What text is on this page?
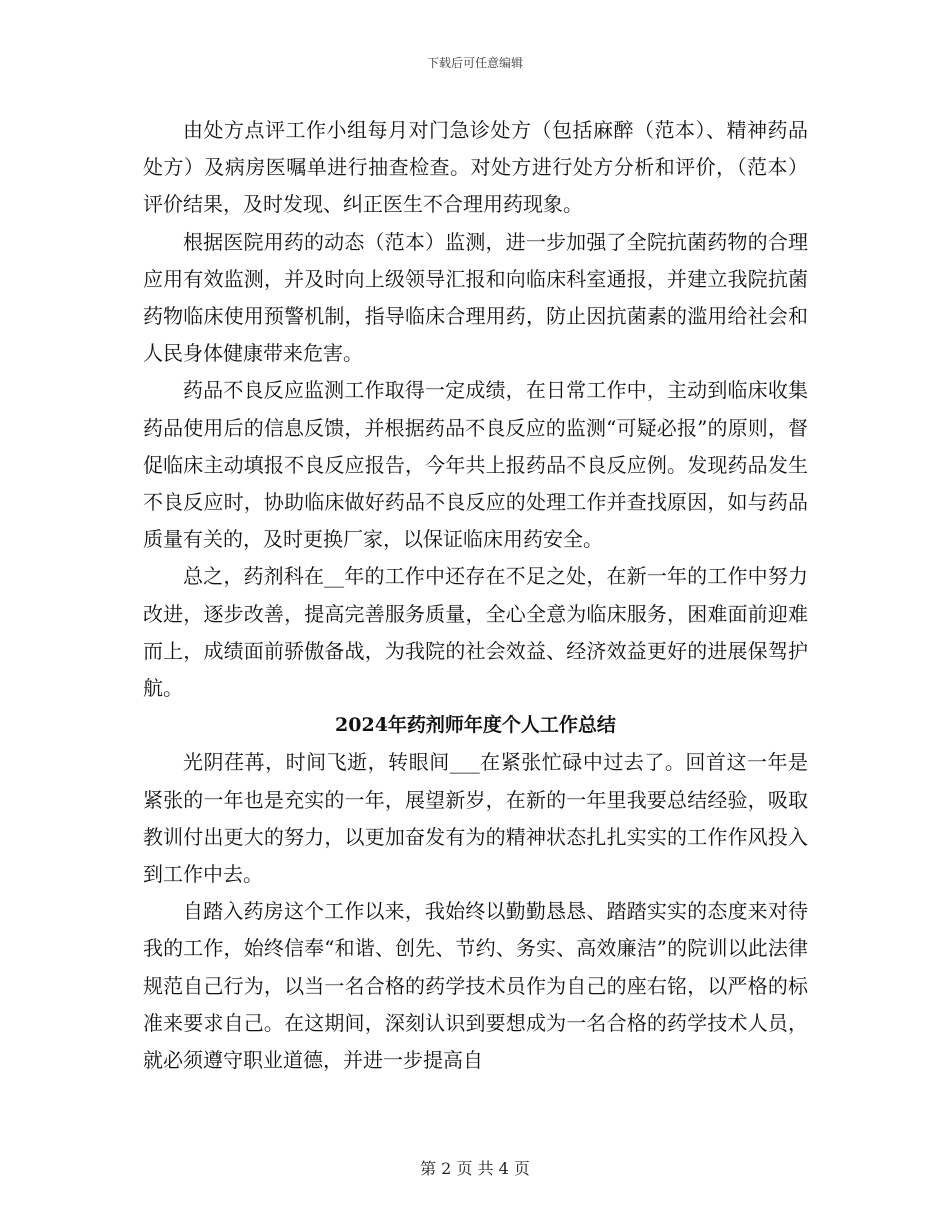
下载后可任意编辑

由处方点评工作小组每月对门急诊处方（包括麻醉（范本）、精神药品处方）及病房医嘱单进行抽查检查。对处方进行处方分析和评价，（范本）评价结果，及时发现、纠正医生不合理用药现象。

根据医院用药的动态（范本）监测，进一步加强了全院抗菌药物的合理应用有效监测，并及时向上级领导汇报和向临床科室通报，并建立我院抗菌药物临床使用预警机制，指导临床合理用药，防止因抗菌素的滥用给社会和人民身体健康带来危害。

药品不良反应监测工作取得一定成绩，在日常工作中，主动到临床收集药品使用后的信息反馈，并根据药品不良反应的监测“可疑必报”的原则，督促临床主动填报不良反应报告，今年共上报药品不良反应例。发现药品发生不良反应时，协助临床做好药品不良反应的处理工作并查找原因，如与药品质量有关的，及时更换厂家，以保证临床用药安全。

总之，药剂科在__年的工作中还存在不足之处，在新一年的工作中努力改进，逐步改善，提高完善服务质量，全心全意为临床服务，困难面前迎难而上，成绩面前骄傲备战，为我院的社会效益、经济效益更好的进展保驾护航。

2024年药剂师年度个人工作总结

光阴荏苒，时间飞逝，转眼间___在紧张忙碌中过去了。回首这一年是紧张的一年也是充实的一年，展望新岁，在新的一年里我要总结经验，吸取教训付出更大的努力，以更加奋发有为的精神状态扎扎实实的工作作风投入到工作中去。

自踏入药房这个工作以来，我始终以勤勤恳恳、踏踏实实的态度来对待我的工作，始终信奉“和谐、创先、节约、务实、高效廉洁”的院训以此法律规范自己行为，以当一名合格的药学技术员作为自己的座右铭，以严格的标准来要求自己。在这期间，深刻认识到要想成为一名合格的药学技术人员，就必须遵守职业道德，并进一步提高自

第 2 页 共 4 页
